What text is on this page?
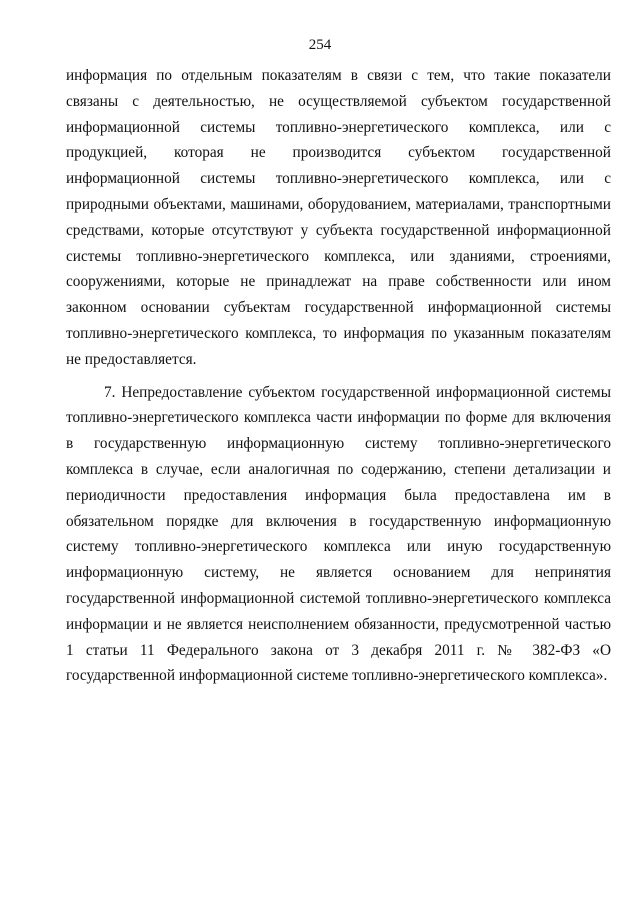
254

информация по отдельным показателям в связи с тем, что такие показатели связаны с деятельностью, не осуществляемой субъектом государственной информационной системы топливно-энергетического комплекса, или с продукцией, которая не производится субъектом государственной информационной системы топливно-энергетического комплекса, или с природными объектами, машинами, оборудованием, материалами, транспортными средствами, которые отсутствуют у субъекта государственной информационной системы топливно-энергетического комплекса, или зданиями, строениями, сооружениями, которые не принадлежат на праве собственности или ином законном основании субъектам государственной информационной системы топливно-энергетического комплекса, то информация по указанным показателям не предоставляется.

7. Непредоставление субъектом государственной информационной системы топливно-энергетического комплекса части информации по форме для включения в государственную информационную систему топливно-энергетического комплекса в случае, если аналогичная по содержанию, степени детализации и периодичности предоставления информация была предоставлена им в обязательном порядке для включения в государственную информационную систему топливно-энергетического комплекса или иную государственную информационную систему, не является основанием для непринятия государственной информационной системой топливно-энергетического комплекса информации и не является неисполнением обязанности, предусмотренной частью 1 статьи 11 Федерального закона от 3 декабря 2011 г. № 382-ФЗ «О государственной информационной системе топливно-энергетического комплекса».
